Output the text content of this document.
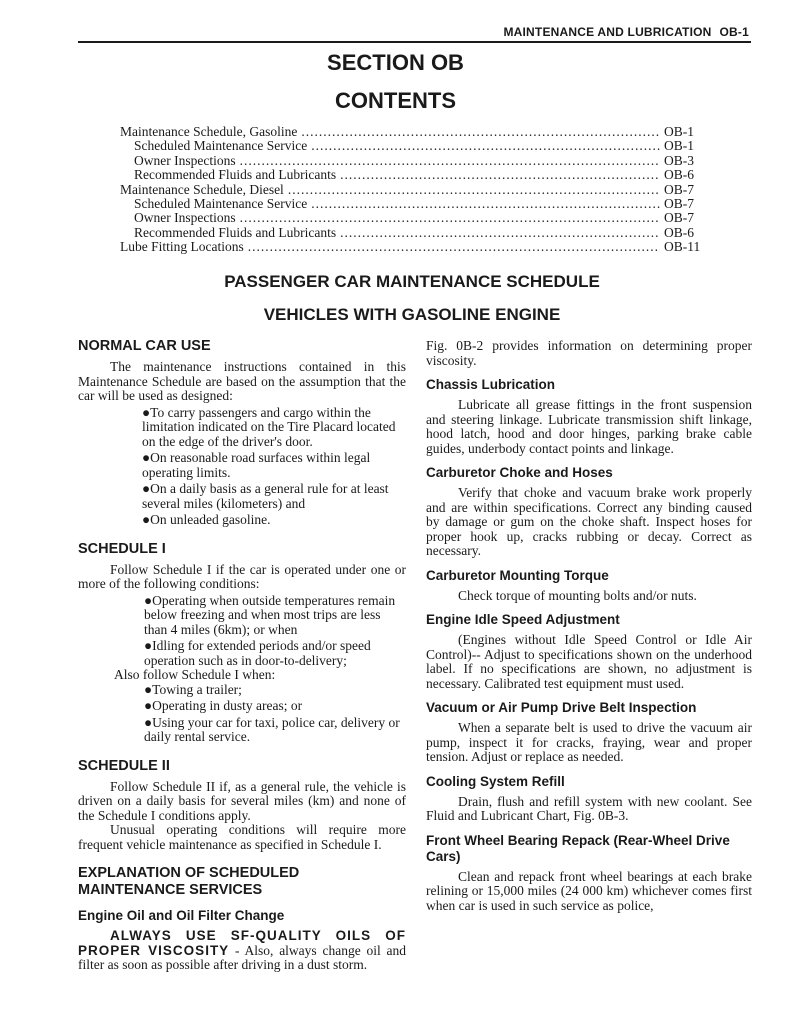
MAINTENANCE AND LUBRICATION OB-1
SECTION OB
CONTENTS
Maintenance Schedule, Gasoline .....	OB-1
Scheduled Maintenance Service .....	OB-1
Owner Inspections .....	OB-3
Recommended Fluids and Lubricants .....	OB-6
Maintenance Schedule, Diesel .....	OB-7
Scheduled Maintenance Service .....	OB-7
Owner Inspections .....	OB-7
Recommended Fluids and Lubricants .....	OB-6
Lube Fitting Locations .....	OB-11
PASSENGER CAR MAINTENANCE SCHEDULE
VEHICLES WITH GASOLINE ENGINE
NORMAL CAR USE

The maintenance instructions contained in this Maintenance Schedule are based on the assumption that the car will be used as designed:

●To carry passengers and cargo within the limitation indicated on the Tire Placard located on the edge of the driver's door.

●On reasonable road surfaces within legal operating limits.

●On a daily basis as a general rule for at least several miles (kilometers) and

●On unleaded gasoline.

SCHEDULE I

Follow Schedule I if the car is operated under one or more of the following conditions:

●Operating when outside temperatures remain below freezing and when most trips are less than 4 miles (6km); or when

●Idling for extended periods and/or speed operation such as in door-to-delivery;

Also follow Schedule I when:

●Towing a trailer;

●Operating in dusty areas; or

●Using your car for taxi, police car, delivery or daily rental service.

SCHEDULE II

Follow Schedule II if, as a general rule, the vehicle is driven on a daily basis for several miles (km) and none of the Schedule I conditions apply.

Unusual operating conditions will require more frequent vehicle maintenance as specified in Schedule I.

EXPLANATION OF SCHEDULED
MAINTENANCE SERVICES
Engine Oil and Oil Filter Change

ALWAYS USE SF-QUALITY OILS OF PROPER VISCOSITY - Also, always change oil and filter as soon as possible after driving in a dust storm.

Fig. 0B-2 provides information on determining proper viscosity.

Chassis Lubrication

Lubricate all grease fittings in the front suspension and steering linkage. Lubricate transmission shift linkage, hood latch, hood and door hinges, parking brake cable guides, underbody contact points and linkage.

Carburetor Choke and Hoses

Verify that choke and vacuum brake work properly and are within specifications. Correct any binding caused by damage or gum on the choke shaft. Inspect hoses for proper hook up, cracks rubbing or decay. Correct as necessary.

Carburetor Mounting Torque

Check torque of mounting bolts and/or nuts.

Engine Idle Speed Adjustment

(Engines without Idle Speed Control or Idle Air Control)-- Adjust to specifications shown on the underhood label. If no specifications are shown, no adjustment is necessary. Calibrated test equipment must used.

Vacuum or Air Pump Drive Belt Inspection

When a separate belt is used to drive the vacuum air pump, inspect it for cracks, fraying, wear and proper tension. Adjust or replace as needed.

Cooling System Refill

Drain, flush and refill system with new coolant. See Fluid and Lubricant Chart, Fig. 0B-3.

Front Wheel Bearing Repack (Rear-Wheel Drive Cars)

Clean and repack front wheel bearings at each brake relining or 15,000 miles (24 000 km) whichever comes first when car is used in such service as police,
